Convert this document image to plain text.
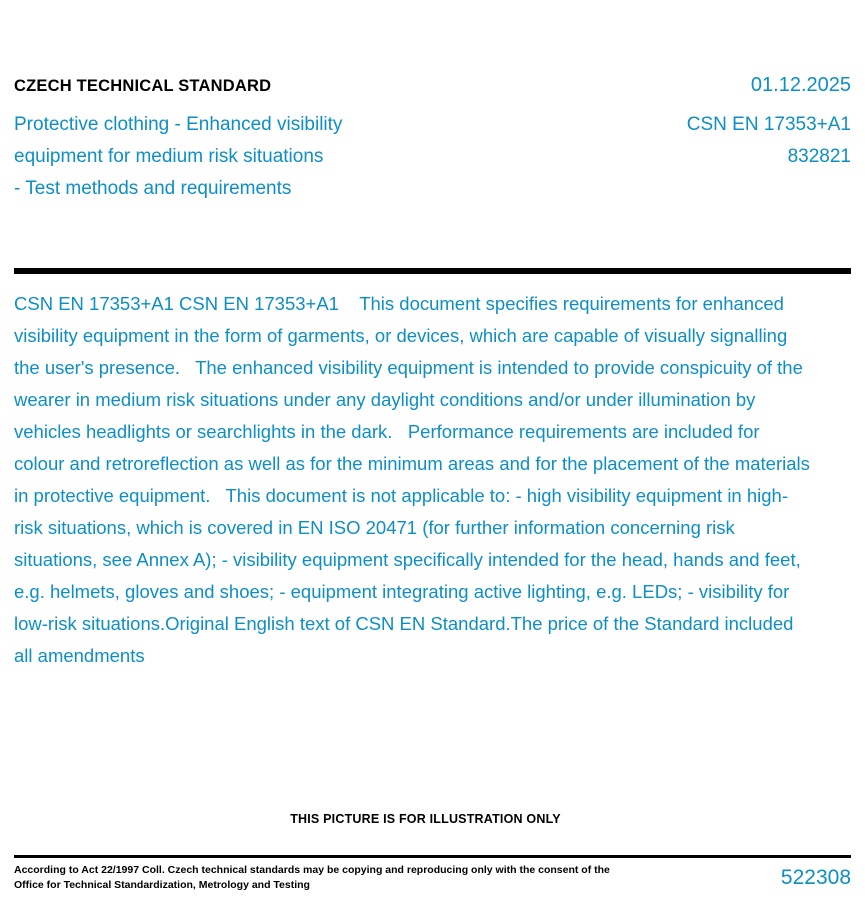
CZECH TECHNICAL STANDARD	01.12.2025
Protective clothing - Enhanced visibility	CSN EN 17353+A1
equipment for medium risk situations	832821
- Test methods and requirements
CSN EN 17353+A1 CSN EN 17353+A1    This document specifies requirements for enhanced visibility equipment in the form of garments, or devices, which are capable of visually signalling the user's presence.   The enhanced visibility equipment is intended to provide conspicuity of the wearer in medium risk situations under any daylight conditions and/or under illumination by vehicles headlights or searchlights in the dark.   Performance requirements are included for colour and retroreflection as well as for the minimum areas and for the placement of the materials in protective equipment.   This document is not applicable to: - high visibility equipment in high-risk situations, which is covered in EN ISO 20471 (for further information concerning risk situations, see Annex A); - visibility equipment specifically intended for the head, hands and feet, e.g. helmets, gloves and shoes; - equipment integrating active lighting, e.g. LEDs; - visibility for low-risk situations.Original English text of CSN EN Standard.The price of the Standard included all amendments
THIS PICTURE IS FOR ILLUSTRATION ONLY
According to Act 22/1997 Coll. Czech technical standards may be copying and reproducing only with the consent of the Office for Technical Standardization, Metrology and Testing	522308
